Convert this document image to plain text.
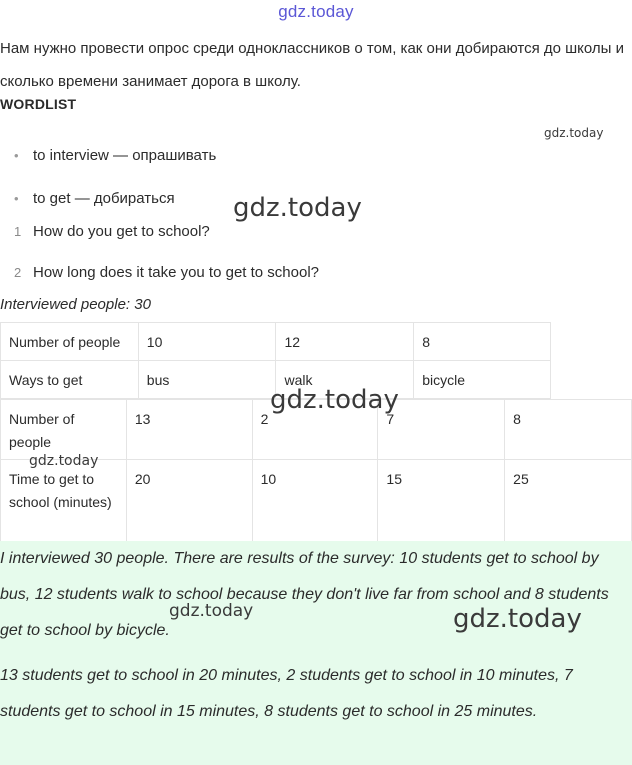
gdz.today
Нам нужно провести опрос среди одноклассников о том, как они добираются до школы и сколько времени занимает дорога в школу.
WORDLIST
• to interview — опрашивать
• to get — добираться
1 How do you get to school?
2 How long does it take you to get to school?
Interviewed people: 30
Number of people	10	12	8
Ways to get	bus	walk	bicycle
Number of people	13	2	7	8
Time to get to school (minutes)	20	10	15	25

I interviewed 30 people. There are results of the survey: 10 students get to school by bus, 12 students walk to school because they don't live far from school and 8 students get to school by bicycle.

13 students get to school in 20 minutes, 2 students get to school in 10 minutes, 7 students get to school in 15 minutes, 8 students get to school in 25 minutes.

gdz.today
gdz.today
gdz.today
gdz.today
gdz.today	gdz.today
